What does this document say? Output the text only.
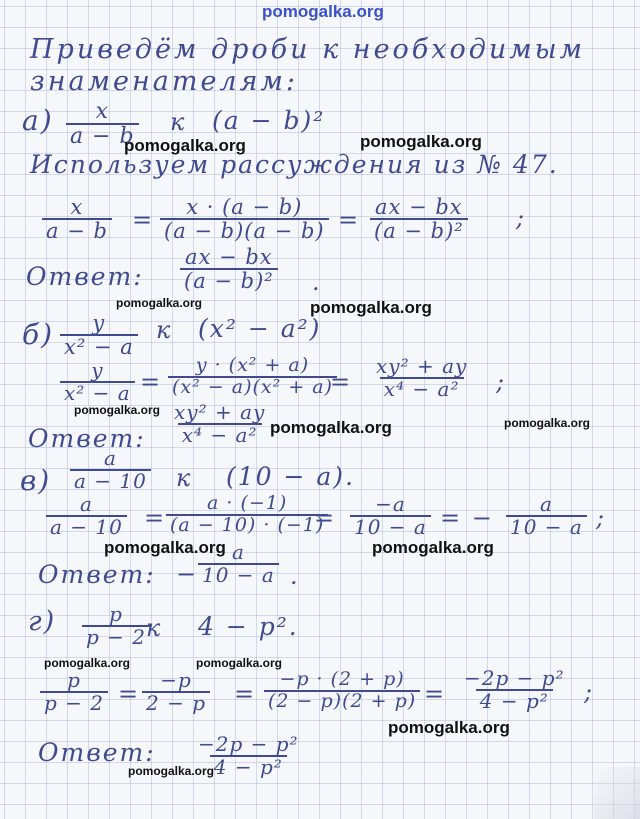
pomogalka.org
Приведём дроби к необходимым
знаменателям:
$а) \frac{x}{a - b}$ к (a − b)²
Используем рассуждения из № 47.
$\frac{x}{a - b} = \frac{x \cdot (a - b)}{(a - b)(a - b)} = \frac{ax - bx}{\text{(a − b)²}}$ ;
Ответ: $\frac{ax - bx}{\text{(a − b)²}}$ .
$б) \frac{y}{\text{x² − a}}$ к (x² − a²)
$\frac{y}{\text{x² − a}} = \frac{\text{y · (x² + a)}}{\text{(x² − a)(x² + a)}}$
= $\frac{\text{xy² + ay}}{\text{x⁴ − a²}}$ ;
Ответ: $\frac{\text{xy² + ay}}{\text{x⁴ − a²}}$
$в) \frac{a}{a - 10}$ к (10 − a).
$\frac{a}{a - 10} = \frac{a \cdot (-1)}{(a - 10) \cdot (-1)}$
= $\frac{-a}{10 - a}$ = − $\frac{a}{10 - a}$ ;
Ответ: − $\frac{a}{10 - a}$ .
$г) \frac{p}{p - 2}$
к 4 − p².
$\frac{p}{p - 2} = \frac{-p}{2 - p} = \frac{-p \cdot (2 + p)}{(2 - p)(2 + p)} = \frac{\text{−2p − p²}}{\text{4 − p²}}$ ;
Ответ: $\frac{\text{−2p − p²}}{\text{4 − p²}}$
pomogalka.org	pomogalka.org
pomogalka.org	pomogalka.org
pomogalka.org
pomogalka.org	pomogalka.org
pomogalka.org	pomogalka.org
pomogalka.org	pomogalka.org
pomogalka.org
pomogalka.org
